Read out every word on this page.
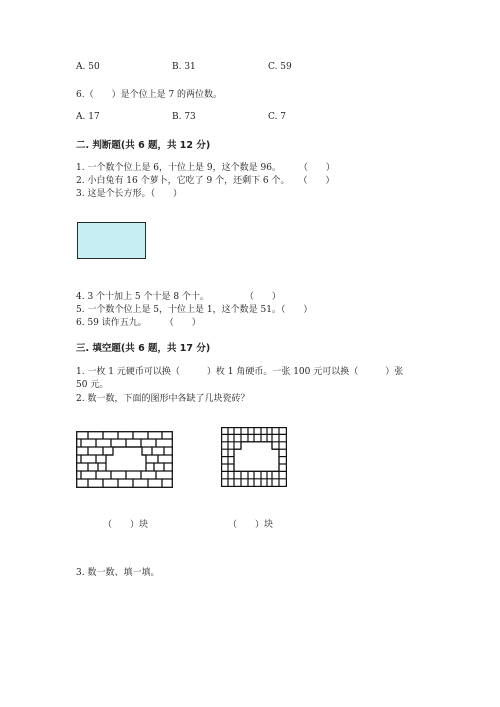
A. 50	B. 31	C. 59
6.（　　）是个位上是 7 的两位数。
A. 17	B. 73	C. 7
二. 判断题(共 6 题，共 12 分)
1. 一个数个位上是 6，十位上是 9，这个数是 96。　　　（　　）
2. 小白兔有 16 个萝卜，它吃了 9 个，还剩下 6 个。　　（　　）
3. 这是个长方形。（　　）
4. 3 个十加上 5 个十是 8 个十。　　　　　（　　）
5. 一个数个位上是 5，十位上是 1，这个数是 51。（　　）
6. 59 读作五九。　　　（　　）
三. 填空题(共 6 题，共 17 分)
1. 一枚 1 元硬币可以换（　　　）枚 1 角硬币。一张 100 元可以换（　　　）张
50 元。
2. 数一数，下面的图形中各缺了几块瓷砖？
（　　）块	（　　）块
3. 数一数、填一填。
